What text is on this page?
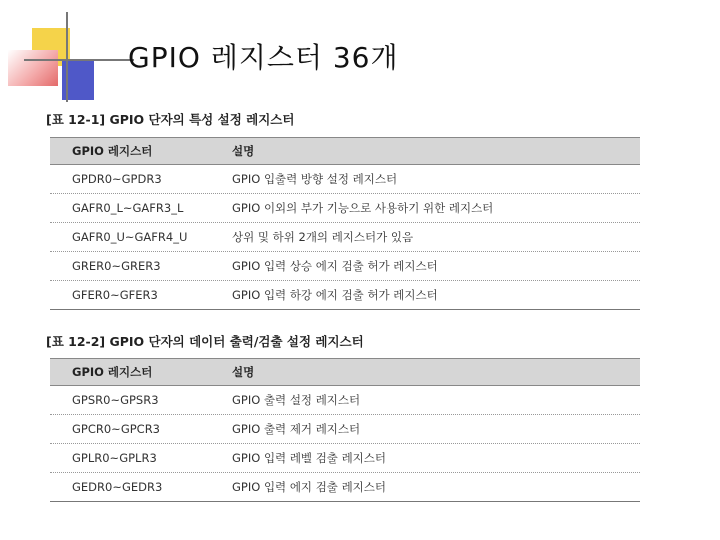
GPIO 레지스터 36개
[표 12-1] GPIO 단자의 특성 설정 레지스터
GPIO 레지스터	설명
GPDR0~GPDR3	GPIO 입출력 방향 설정 레지스터
GAFR0_L~GAFR3_L	GPIO 이외의 부가 기능으로 사용하기 위한 레지스터
GAFR0_U~GAFR4_U	상위 및 하위 2개의 레지스터가 있음
GRER0~GRER3	GPIO 입력 상승 에지 검출 허가 레지스터
GFER0~GFER3	GPIO 입력 하강 에지 검출 허가 레지스터
[표 12-2] GPIO 단자의 데이터 출력/검출 설정 레지스터
GPIO 레지스터	설명
GPSR0~GPSR3	GPIO 출력 설정 레지스터
GPCR0~GPCR3	GPIO 출력 제거 레지스터
GPLR0~GPLR3	GPIO 입력 레벨 검출 레지스터
GEDR0~GEDR3	GPIO 입력 에지 검출 레지스터
